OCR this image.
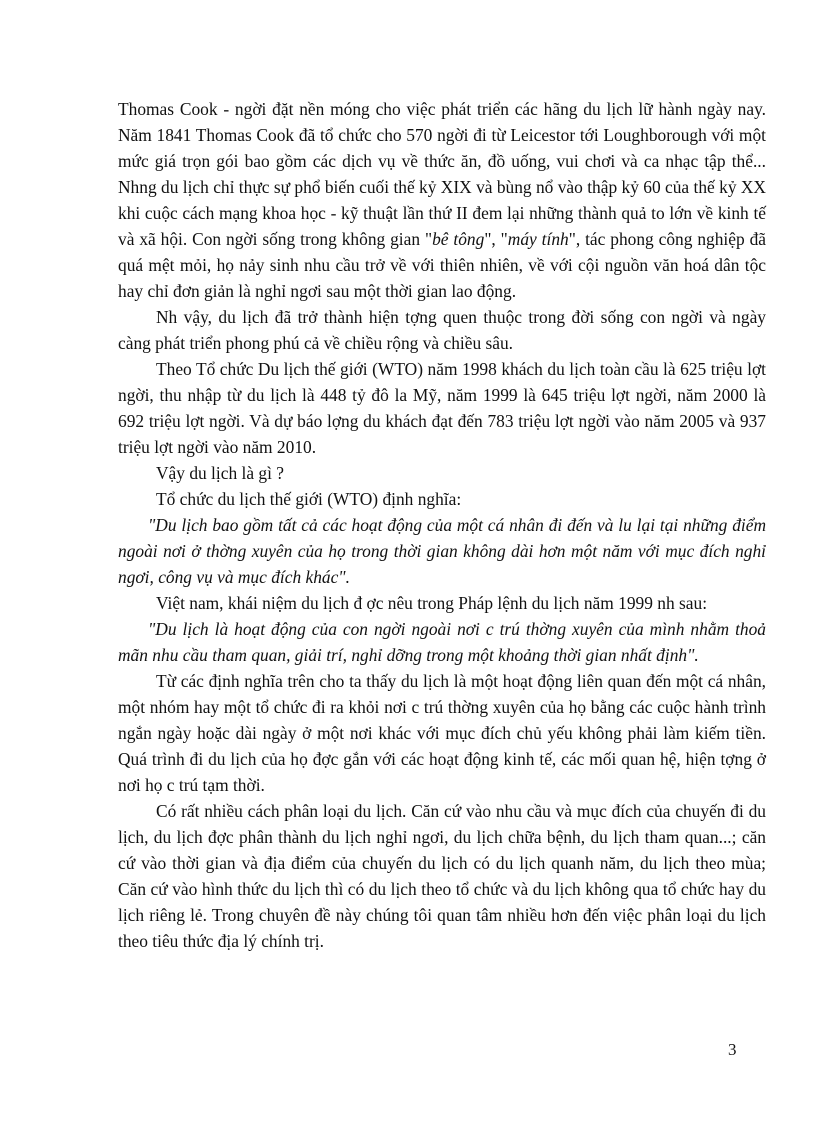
Thomas Cook - ngời đặt nền móng cho việc phát triển các hãng du lịch lữ hành ngày nay. Năm 1841 Thomas Cook đã tổ chức cho 570 ngời đi từ Leicestor tới Loughborough với một mức giá trọn gói bao gồm các dịch vụ về thức ăn, đồ uống, vui chơi và ca nhạc tập thể... Nhng du lịch chỉ thực sự phổ biến cuối thế kỷ XIX và bùng nổ vào thập kỷ 60 của thế kỷ XX khi cuộc cách mạng khoa học - kỹ thuật lần thứ II đem lại những thành quả to lớn về kinh tế và xã hội. Con ngời sống trong không gian "bê tông", "máy tính", tác phong công nghiệp đã quá mệt mỏi, họ nảy sinh nhu cầu trở về với thiên nhiên, về với cội nguồn văn hoá dân tộc hay chỉ đơn giản là nghỉ ngơi sau một thời gian lao động.

Nh vậy, du lịch đã trở thành hiện tợng quen thuộc trong đời sống con ngời và ngày càng phát triển phong phú cả về chiều rộng và chiều sâu.

Theo Tổ chức Du lịch thế giới (WTO) năm 1998 khách du lịch toàn cầu là 625 triệu lợt ngời, thu nhập từ du lịch là 448 tỷ đô la Mỹ, năm 1999 là 645 triệu lợt ngời, năm 2000 là 692 triệu lợt ngời. Và dự báo lợng du khách đạt đến 783 triệu lợt ngời vào năm 2005 và 937 triệu lợt ngời vào năm 2010.

Vậy du lịch là gì ?

Tổ chức du lịch thế giới (WTO) định nghĩa:

"Du lịch bao gồm tất cả các hoạt động của một cá nhân đi đến và lu lại tại những điểm ngoài nơi ở thờng xuyên của họ trong thời gian không dài hơn một năm với mục đích nghỉ ngơi, công vụ và mục đích khác".

Việt nam, khái niệm du lịch đ ợc nêu trong Pháp lệnh du lịch năm 1999 nh sau:

"Du lịch là hoạt động của con ngời ngoài nơi c trú thờng xuyên của mình nhằm thoả mãn nhu cầu tham quan, giải trí, nghỉ dỡng trong một khoảng thời gian nhất định".

Từ các định nghĩa trên cho ta thấy du lịch là một hoạt động liên quan đến một cá nhân, một nhóm hay một tổ chức đi ra khỏi nơi c trú thờng xuyên của họ bằng các cuộc hành trình ngắn ngày hoặc dài ngày ở một nơi khác với mục đích chủ yếu không phải làm kiếm tiền. Quá trình đi du lịch của họ đợc gắn với các hoạt động kinh tế, các mối quan hệ, hiện tợng ở nơi họ c trú tạm thời.

Có rất nhiều cách phân loại du lịch. Căn cứ vào nhu cầu và mục đích của chuyến đi du lịch, du lịch đợc phân thành du lịch nghỉ ngơi, du lịch chữa bệnh, du lịch tham quan...; căn cứ vào thời gian và địa điểm của chuyến du lịch có du lịch quanh năm, du lịch theo mùa; Căn cứ vào hình thức du lịch thì có du lịch theo tổ chức và du lịch không qua tổ chức hay du lịch riêng lẻ. Trong chuyên đề này chúng tôi quan tâm nhiều hơn đến việc phân loại du lịch theo tiêu thức địa lý chính trị.

3
